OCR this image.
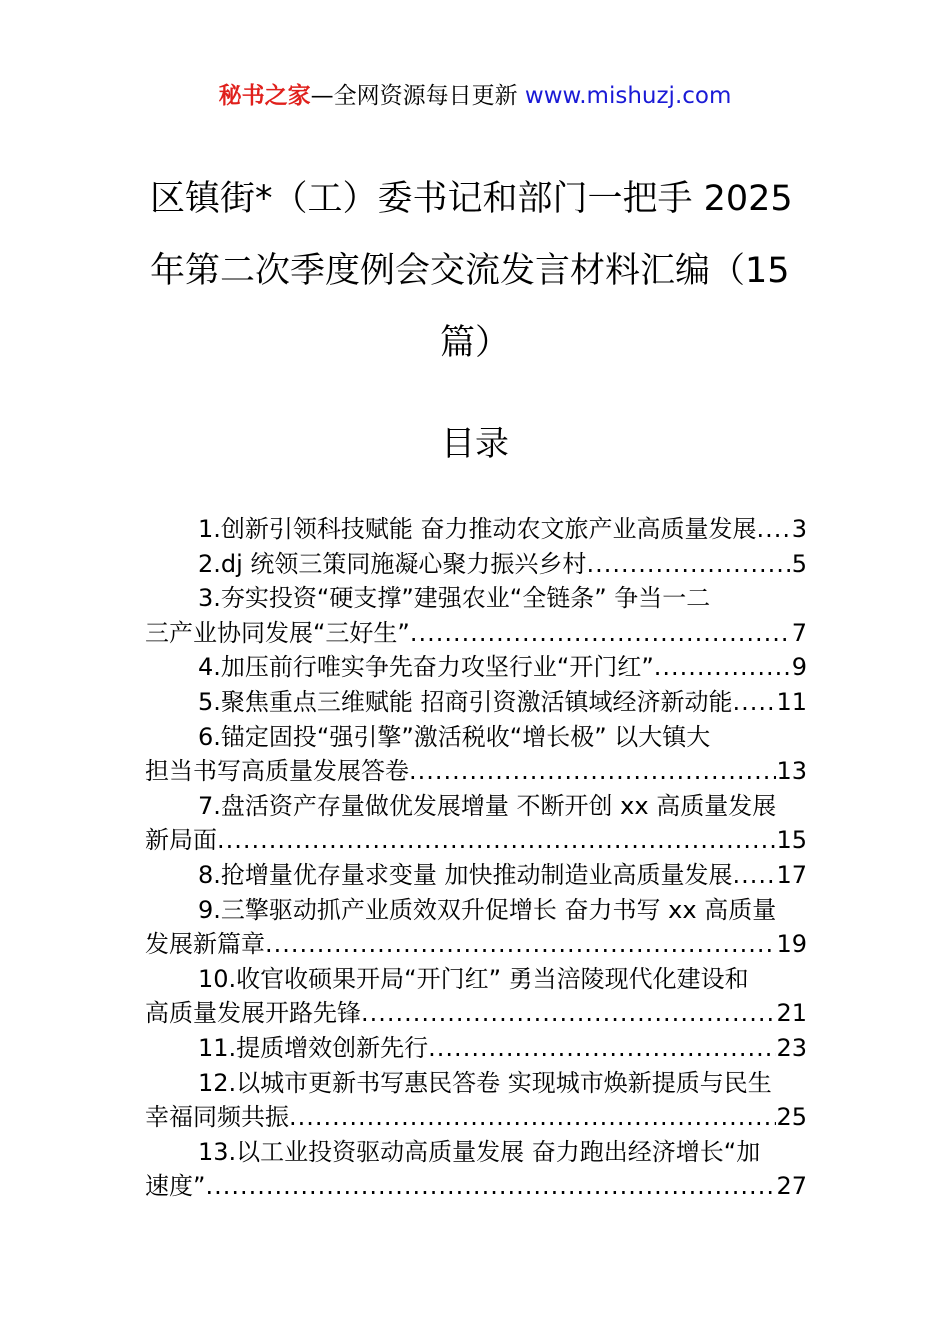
秘书之家—全网资源每日更新 www.mishuzj.com
区镇街*（工）委书记和部门一把手 2025
年第二次季度例会交流发言材料汇编（15
篇）
目录
1.创新引领科技赋能 奋力推动农文旅产业高质量发展 ..... 3
2.dj 统领三策同施凝心聚力振兴乡村 .....	5
3.夯实投资“硬支撑”建强农业“全链条” 争当一二
三产业协同发展“三好生” .....	7
4.加压前行唯实争先奋力攻坚行业“开门红” .....	9
5.聚焦重点三维赋能 招商引资激活镇域经济新动能 ..... 11
6.锚定固投“强引擎”激活税收“增长极” 以大镇大
担当书写高质量发展答卷 .....	13
7.盘活资产存量做优发展增量 不断开创 xx 高质量发展
新局面 .....	15
8.抢增量优存量求变量 加快推动制造业高质量发展 ..... 17
9.三擎驱动抓产业质效双升促增长 奋力书写 xx 高质量
发展新篇章 .....	19
10.收官收硕果开局“开门红” 勇当涪陵现代化建设和
高质量发展开路先锋 .....	21
11.提质增效创新先行 .....	23
12.以城市更新书写惠民答卷 实现城市焕新提质与民生
幸福同频共振 .....	25
13.以工业投资驱动高质量发展 奋力跑出经济增长“加
速度” .....	27
